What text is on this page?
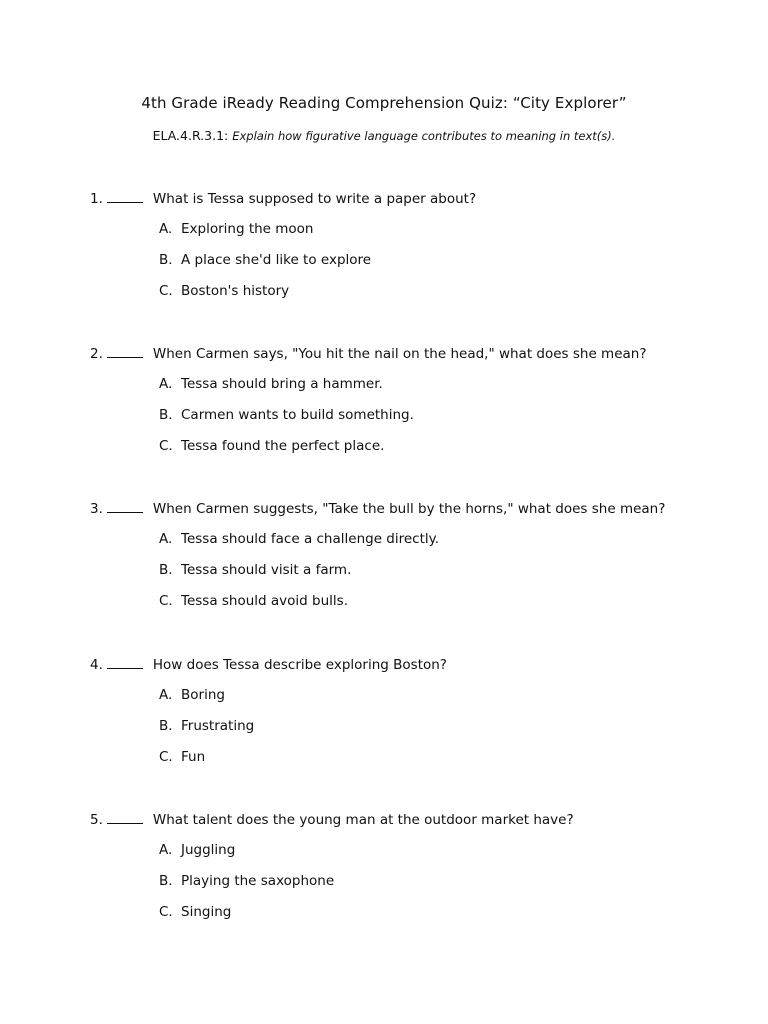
4th Grade iReady Reading Comprehension Quiz: “City Explorer”
ELA.4.R.3.1: Explain how figurative language contributes to meaning in text(s).
1.	What is Tessa supposed to write a paper about?
A. Exploring the moon
B. A place she'd like to explore
C. Boston's history
2.	When Carmen says, "You hit the nail on the head," what does she mean?
A. Tessa should bring a hammer.
B. Carmen wants to build something.
C. Tessa found the perfect place.
3.	When Carmen suggests, "Take the bull by the horns," what does she mean?
A. Tessa should face a challenge directly.
B. Tessa should visit a farm.
C. Tessa should avoid bulls.
4.	How does Tessa describe exploring Boston?
A. Boring
B. Frustrating
C. Fun
5.	What talent does the young man at the outdoor market have?
A. Juggling
B. Playing the saxophone
C. Singing
